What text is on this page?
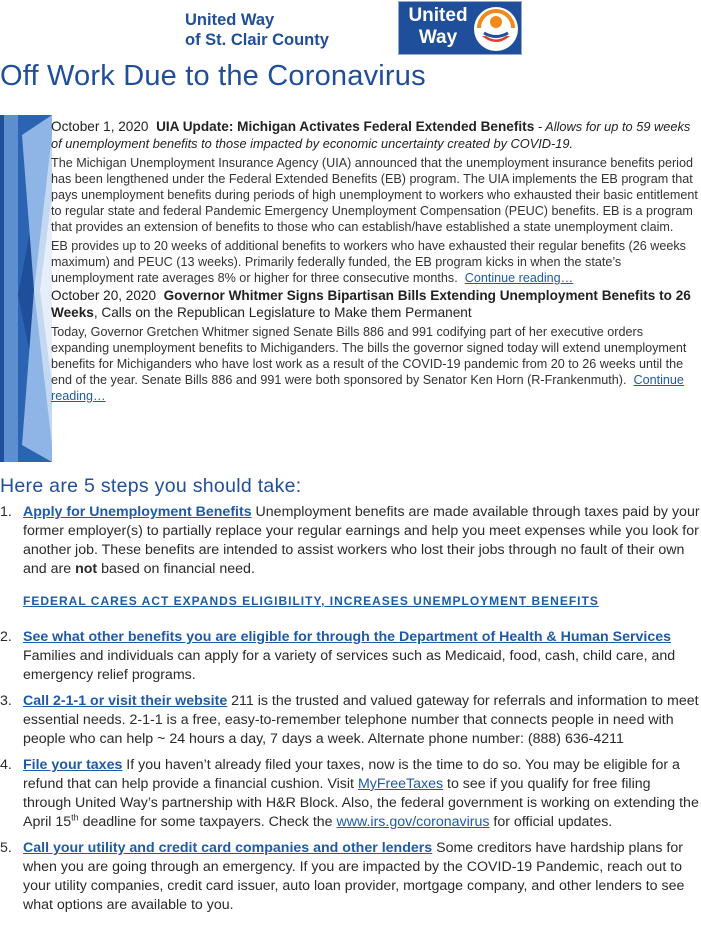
United Way
of St. Clair County
United
Way
Off Work Due to the Coronavirus

October 1, 2020 UIA Update: Michigan Activates Federal Extended Benefits - Allows for up to 59 weeks of unemployment benefits to those impacted by economic uncertainty created by COVID-19.

The Michigan Unemployment Insurance Agency (UIA) announced that the unemployment insurance benefits period has been lengthened under the Federal Extended Benefits (EB) program. The UIA implements the EB program that pays unemployment benefits during periods of high unemployment to workers who exhausted their basic entitlement to regular state and federal Pandemic Emergency Unemployment Compensation (PEUC) benefits. EB is a program that provides an extension of benefits to those who can establish/have established a state unemployment claim.

EB provides up to 20 weeks of additional benefits to workers who have exhausted their regular benefits (26 weeks maximum) and PEUC (13 weeks). Primarily federally funded, the EB program kicks in when the state’s unemployment rate averages 8% or higher for three consecutive months. Continue reading…

October 20, 2020 Governor Whitmer Signs Bipartisan Bills Extending Unemployment Benefits to 26 Weeks, Calls on the Republican Legislature to Make them Permanent

Today, Governor Gretchen Whitmer signed Senate Bills 886 and 991 codifying part of her executive orders expanding unemployment benefits to Michiganders. The bills the governor signed today will extend unemployment benefits for Michiganders who have lost work as a result of the COVID-19 pandemic from 20 to 26 weeks until the end of the year. Senate Bills 886 and 991 were both sponsored by Senator Ken Horn (R-Frankenmuth). Continue reading…

Here are 5 steps you should take:
1. Apply for Unemployment Benefits Unemployment benefits are made available through taxes paid by your former employer(s) to partially replace your regular earnings and help you meet expenses while you look for another job. These benefits are intended to assist workers who lost their jobs through no fault of their own and are not based on financial need.
FEDERAL CARES ACT EXPANDS ELIGIBILITY, INCREASES UNEMPLOYMENT BENEFITS
2. See what other benefits you are eligible for through the Department of Health & Human Services Families and individuals can apply for a variety of services such as Medicaid, food, cash, child care, and emergency relief programs.
3. Call 2-1-1 or visit their website 211 is the trusted and valued gateway for referrals and information to meet essential needs. 2-1-1 is a free, easy-to-remember telephone number that connects people in need with people who can help ~ 24 hours a day, 7 days a week. Alternate phone number: (888) 636-4211
4. File your taxes If you haven’t already filed your taxes, now is the time to do so. You may be eligible for a refund that can help provide a financial cushion. Visit MyFreeTaxes to see if you qualify for free filing through United Way’s partnership with H&R Block. Also, the federal government is working on extending the April 15th deadline for some taxpayers. Check the www.irs.gov/coronavirus for official updates.
5. Call your utility and credit card companies and other lenders Some creditors have hardship plans for when you are going through an emergency. If you are impacted by the COVID-19 Pandemic, reach out to your utility companies, credit card issuer, auto loan provider, mortgage company, and other lenders to see what options are available to you.
